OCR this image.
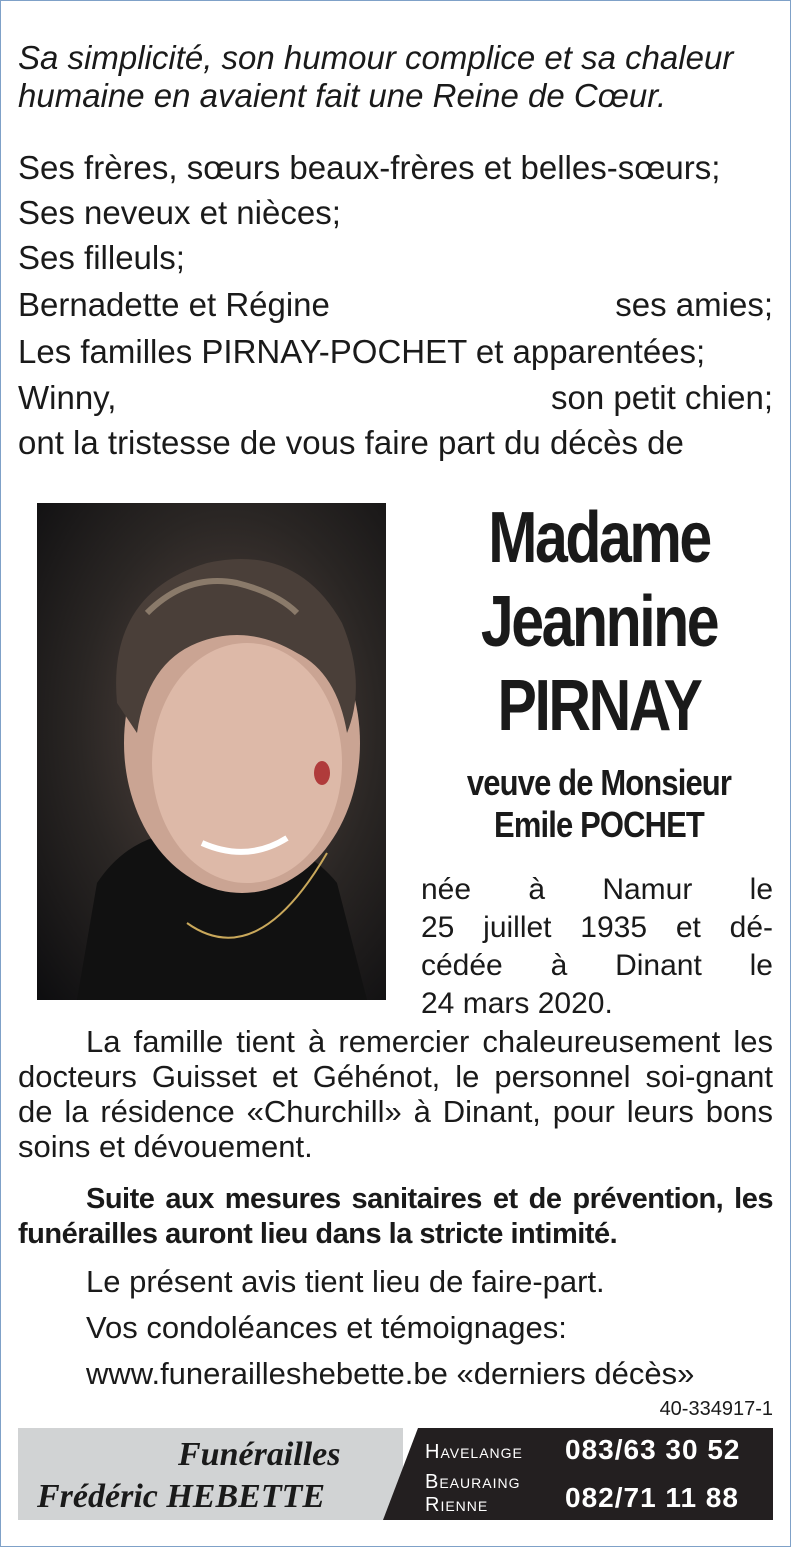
Sa simplicité, son humour complice et sa chaleur
humaine en avaient fait une Reine de Cœur.
Ses frères, sœurs beaux-frères et belles-sœurs;
Ses neveux et nièces;
Ses filleuls;
Bernadette et Régine	ses amies;
Les familles PIRNAY-POCHET et apparentées;
Winny,	son petit chien;
ont la tristesse de vous faire part du décès de
Madame
Jeannine
PIRNAY
veuve de Monsieur
Emile POCHET
née à Namur le
25 juillet 1935 et dé-
cédée à Dinant le
24 mars 2020.
La famille tient à remercier chaleureusement les docteurs Guisset et Géhénot, le personnel soi-gnant de la résidence «Churchill» à Dinant, pour leurs bons soins et dévouement.
Suite aux mesures sanitaires et de prévention, les funérailles auront lieu dans la stricte intimité.
Le présent avis tient lieu de faire-part.
Vos condoléances et témoignages:
www.funerailleshebette.be «derniers décès»
40-334917-1
Funérailles
Frédéric HEBETTE
Havelange 083/63 30 52
Beauraing
Rienne	082/71 11 88
